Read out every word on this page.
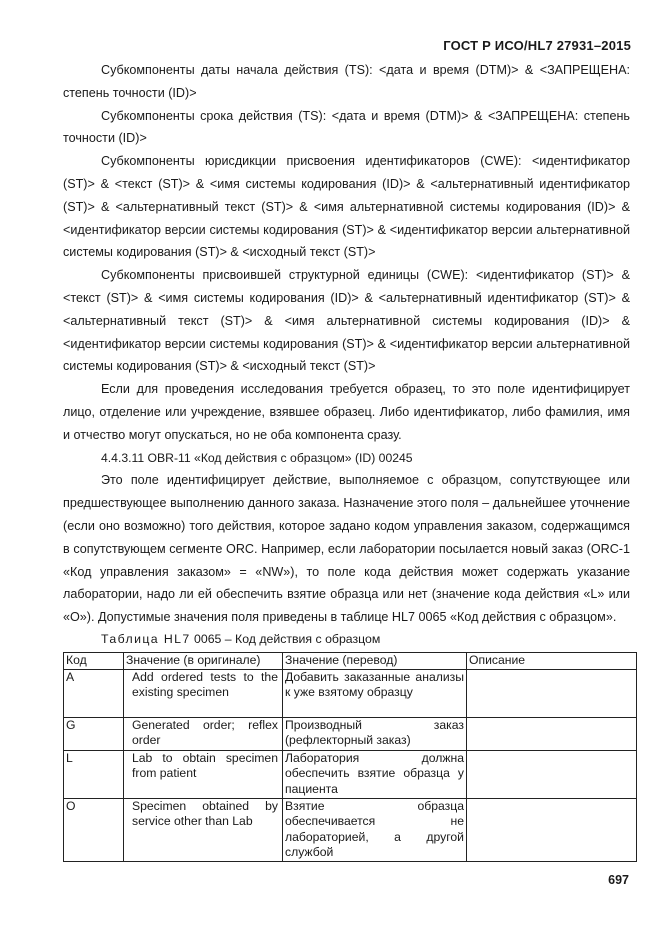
ГОСТ Р ИСО/HL7 27931–2015

Субкомпоненты даты начала действия (TS): <дата и время (DTM)> & <ЗАПРЕЩЕНА: степень точности (ID)>

Субкомпоненты срока действия (TS): <дата и время (DTM)> & <ЗАПРЕЩЕНА: степень точности (ID)>

Субкомпоненты юрисдикции присвоения идентификаторов (CWE): <идентификатор (ST)> & <текст (ST)> & <имя системы кодирования (ID)> & <альтернативный идентификатор (ST)> & <альтернативный текст (ST)> & <имя альтернативной системы кодирования (ID)> & <идентификатор версии системы кодирования (ST)> & <идентификатор версии альтернативной системы кодирования (ST)> & <исходный текст (ST)>

Субкомпоненты присвоившей структурной единицы (CWE): <идентификатор (ST)> & <текст (ST)> & <имя системы кодирования (ID)> & <альтернативный идентификатор (ST)> & <альтернативный текст (ST)> & <имя альтернативной системы кодирования (ID)> & <идентификатор версии системы кодирования (ST)> & <идентификатор версии альтернативной системы кодирования (ST)> & <исходный текст (ST)>

Если для проведения исследования требуется образец, то это поле идентифицирует лицо, отделение или учреждение, взявшее образец. Либо идентификатор, либо фамилия, имя и отчество могут опускаться, но не оба компонента сразу.

4.4.3.11 OBR-11 «Код действия с образцом» (ID) 00245

Это поле идентифицирует действие, выполняемое с образцом, сопутствующее или предшествующее выполнению данного заказа. Назначение этого поля – дальнейшее уточнение (если оно возможно) того действия, которое задано кодом управления заказом, содержащимся в сопутствующем сегменте ORC. Например, если лаборатории посылается новый заказ (ORC-1 «Код управления заказом» = «NW»), то поле кода действия может содержать указание лаборатории, надо ли ей обеспечить взятие образца или нет (значение кода действия «L» или «O»). Допустимые значения поля приведены в таблице HL7 0065 «Код действия с образцом».

Таблица HL7 0065 – Код действия с образцом
Код	Значение (в оригинале)	Значение (перевод)	Описание
A	Add ordered tests to the existing specimen	Добавить заказанные анализы к уже взятому образцу	
G	Generated order; reflex order	Производный заказ (рефлекторный заказ)	
L	Lab to obtain specimen from patient	Лаборатория должна обеспечить взятие образца у пациента	
O	Specimen obtained by service other than Lab	Взятие образца обеспечивается не лабораторией, а другой службой	
697
